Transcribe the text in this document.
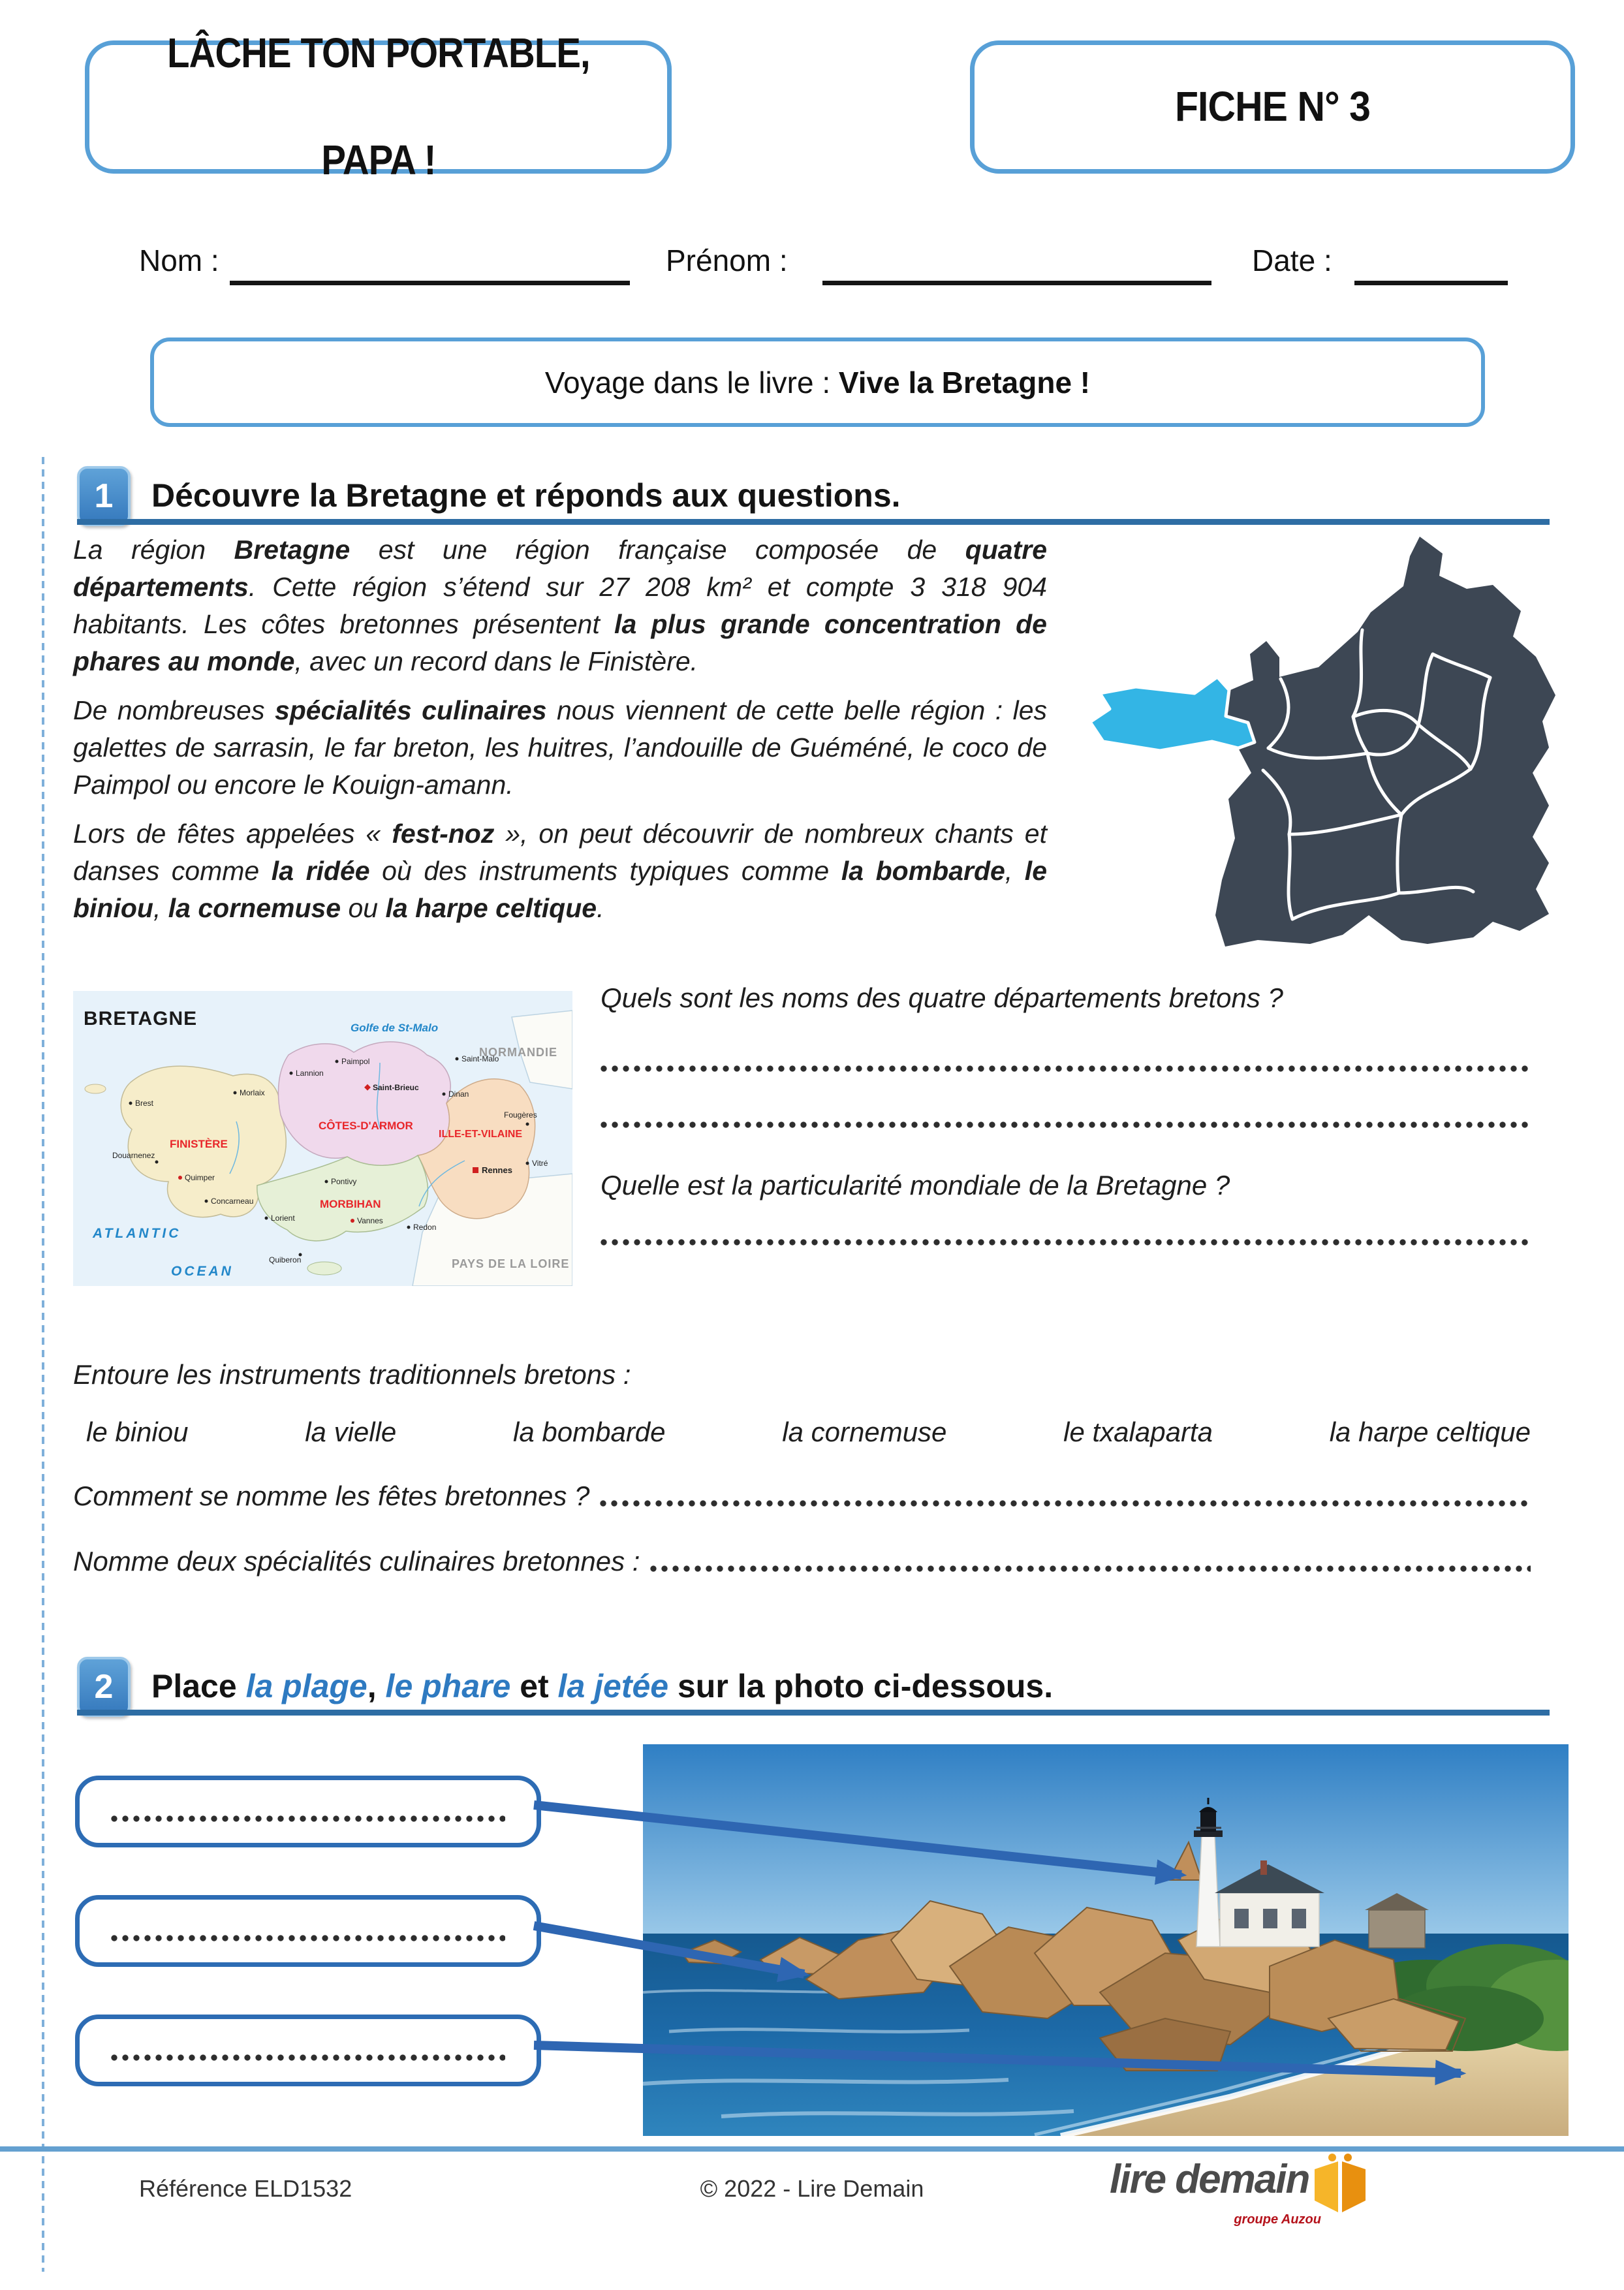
LÂCHE TON PORTABLE,

PAPA !
FICHE N° 3
Nom :	Prénom :	Date :
Voyage dans le livre : Vive la Bretagne !
1 Découvre la Bretagne et réponds aux questions.
La région Bretagne est une région française composée de quatre départements. Cette région s’étend sur 27 208 km² et compte 3 318 904 habitants. Les côtes bretonnes présentent la plus grande concentration de phares au monde, avec un record dans le Finistère.
De nombreuses spécialités culinaires nous viennent de cette belle région : les galettes de sarrasin, le far breton, les huitres, l’andouille de Guéméné, le coco de Paimpol ou encore le Kouign-amann.
Lors de fêtes appelées « fest-noz », on peut découvrir de nombreux chants et danses comme la ridée où des instruments typiques comme la bombarde, le biniou, la cornemuse ou la harpe celtique.
BRETAGNE	Golfe de St-Malo
NORMANDIE
ATLANTIC
OCEAN	PAYS DE LA LOIRE
FINISTÈRE
CÔTES-D'ARMOR
ILLE-ET-VILAINE
MORBIHAN
Brest
Morlaix
Lannion
Paimpol
Saint-Brieuc
Saint-Malo
Dinan
Fougères
Vitré
Rennes
Quimper
Douarnenez
Concarneau
Lorient
Pontivy
Vannes
Redon
Quiberon
Quels sont les noms des quatre départements bretons ?
Quelle est la particularité mondiale de la Bretagne ?
Entoure les instruments traditionnels bretons :
le biniou	la vielle	la bombarde	la cornemuse	le txalaparta	la harpe celtique
Comment se nomme les fêtes bretonnes ?
Nomme deux spécialités culinaires bretonnes :
2 Place la plage, le phare et la jetée sur la photo ci-dessous.
Référence ELD1532	© 2022 - Lire Demain	lire demain
groupe Auzou
